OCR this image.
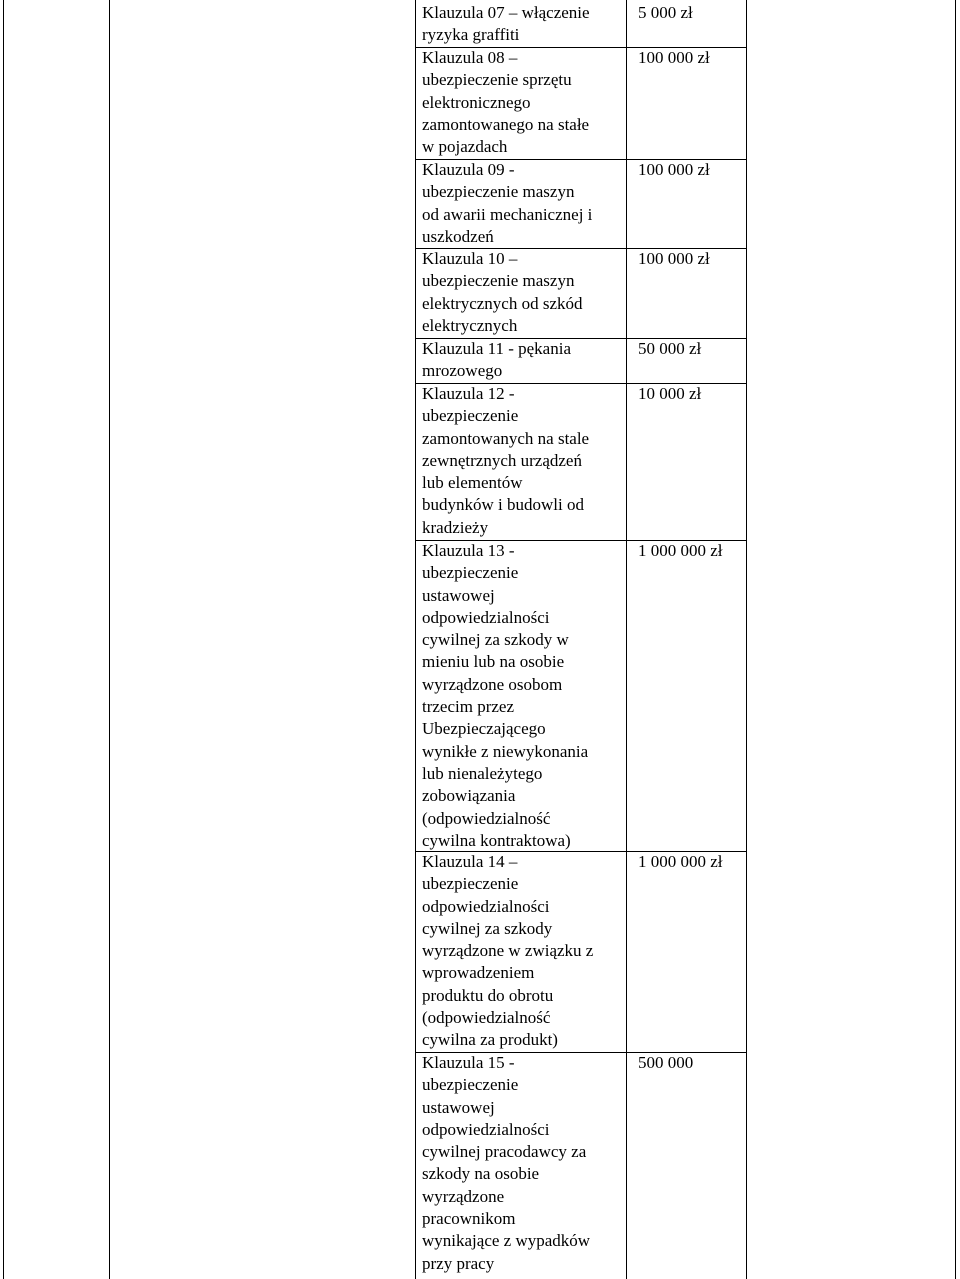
Klauzula 07 – włączenie
ryzyka graffiti
5 000 zł
Klauzula 08 –
ubezpieczenie sprzętu
elektronicznego
zamontowanego na stałe
w pojazdach
100 000 zł
Klauzula 09 -
ubezpieczenie maszyn
od awarii mechanicznej i
uszkodzeń
100 000 zł
Klauzula 10 –
ubezpieczenie maszyn
elektrycznych od szkód
elektrycznych
100 000 zł
Klauzula 11 - pękania
mrozowego
50 000 zł
Klauzula 12 -
ubezpieczenie
zamontowanych na stale
zewnętrznych urządzeń
lub elementów
budynków i budowli od
kradzieży
10 000 zł
Klauzula 13 -
ubezpieczenie
ustawowej
odpowiedzialności
cywilnej za szkody w
mieniu lub na osobie
wyrządzone osobom
trzecim przez
Ubezpieczającego
wynikłe z niewykonania
lub nienależytego
zobowiązania
(odpowiedzialność
cywilna kontraktowa)
1 000 000 zł
Klauzula 14 –
ubezpieczenie
odpowiedzialności
cywilnej za szkody
wyrządzone w związku z
wprowadzeniem
produktu do obrotu
(odpowiedzialność
cywilna za produkt)
1 000 000 zł
Klauzula 15 -
ubezpieczenie
ustawowej
odpowiedzialności
cywilnej pracodawcy za
szkody na osobie
wyrządzone
pracownikom
wynikające z wypadków
przy pracy
500 000
